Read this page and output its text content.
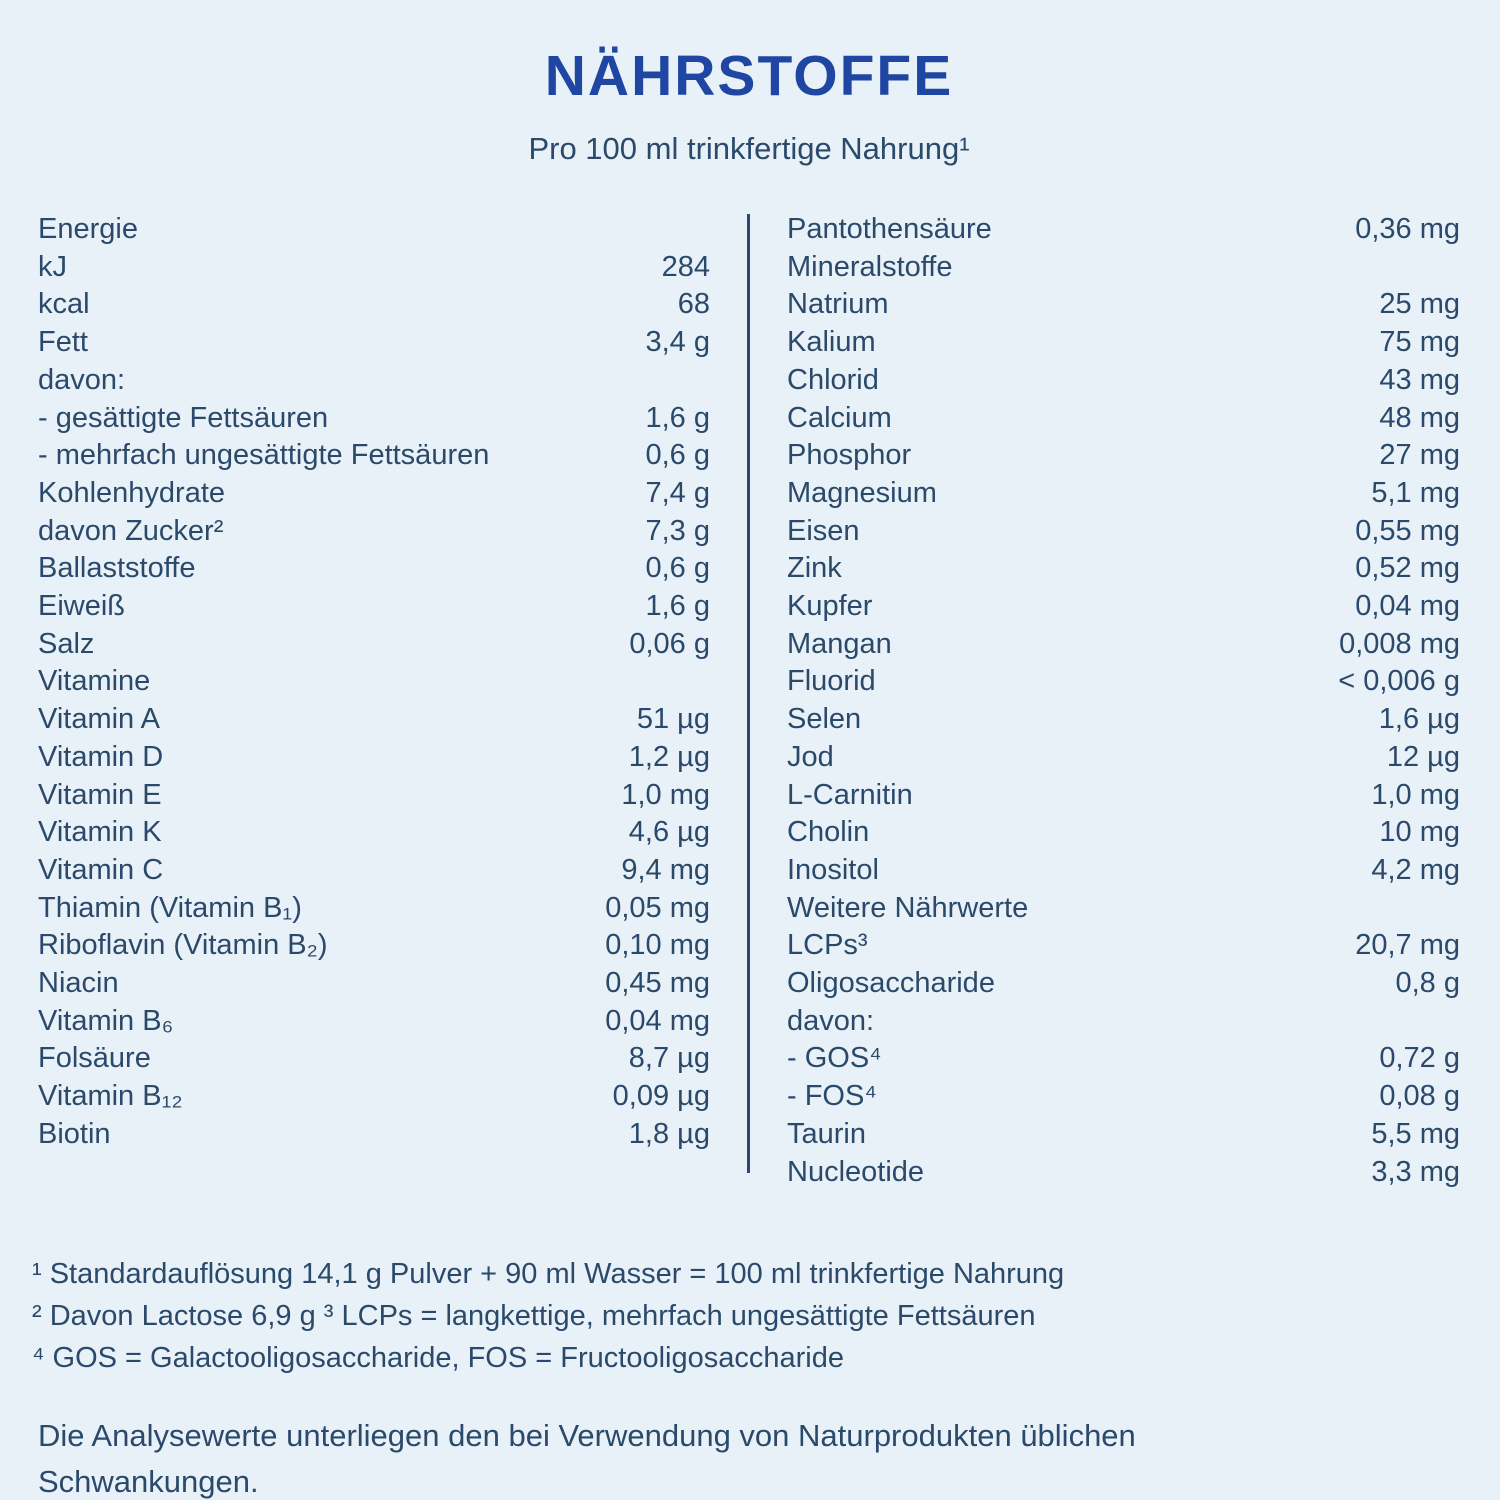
NÄHRSTOFFE
Pro 100 ml trinkfertige Nahrung¹
Energie
kJ	284
kcal	68
Fett	3,4 g
davon:
- gesättigte Fettsäuren	1,6 g
- mehrfach ungesättigte Fettsäuren	0,6 g
Kohlenhydrate	7,4 g
davon Zucker²	7,3 g
Ballaststoffe	0,6 g
Eiweiß	1,6 g
Salz	0,06 g
Vitamine
Vitamin A	51 µg
Vitamin D	1,2 µg
Vitamin E	1,0 mg
Vitamin K	4,6 µg
Vitamin C	9,4 mg
Thiamin (Vitamin B₁)	0,05 mg
Riboflavin (Vitamin B₂)	0,10 mg
Niacin	0,45 mg
Vitamin B₆	0,04 mg
Folsäure	8,7 µg
Vitamin B₁₂	0,09 µg
Biotin	1,8 µg
Pantothensäure	0,36 mg
Mineralstoffe
Natrium	25 mg
Kalium	75 mg
Chlorid	43 mg
Calcium	48 mg
Phosphor	27 mg
Magnesium	5,1 mg
Eisen	0,55 mg
Zink	0,52 mg
Kupfer	0,04 mg
Mangan	0,008 mg
Fluorid	< 0,006 g
Selen	1,6 µg
Jod	12 µg
L-Carnitin	1,0 mg
Cholin	10 mg
Inositol	4,2 mg
Weitere Nährwerte
LCPs³	20,7 mg
Oligosaccharide	0,8 g
davon:
- GOS⁴	0,72 g
- FOS⁴	0,08 g
Taurin	5,5 mg
Nucleotide	3,3 mg
¹ Standardauflösung 14,1 g Pulver + 90 ml Wasser = 100 ml trinkfertige Nahrung
² Davon Lactose 6,9 g ³ LCPs = langkettige, mehrfach ungesättigte Fettsäuren
⁴ GOS = Galactooligosaccharide, FOS = Fructooligosaccharide
Die Analysewerte unterliegen den bei Verwendung von Naturprodukten üblichen Schwankungen.
